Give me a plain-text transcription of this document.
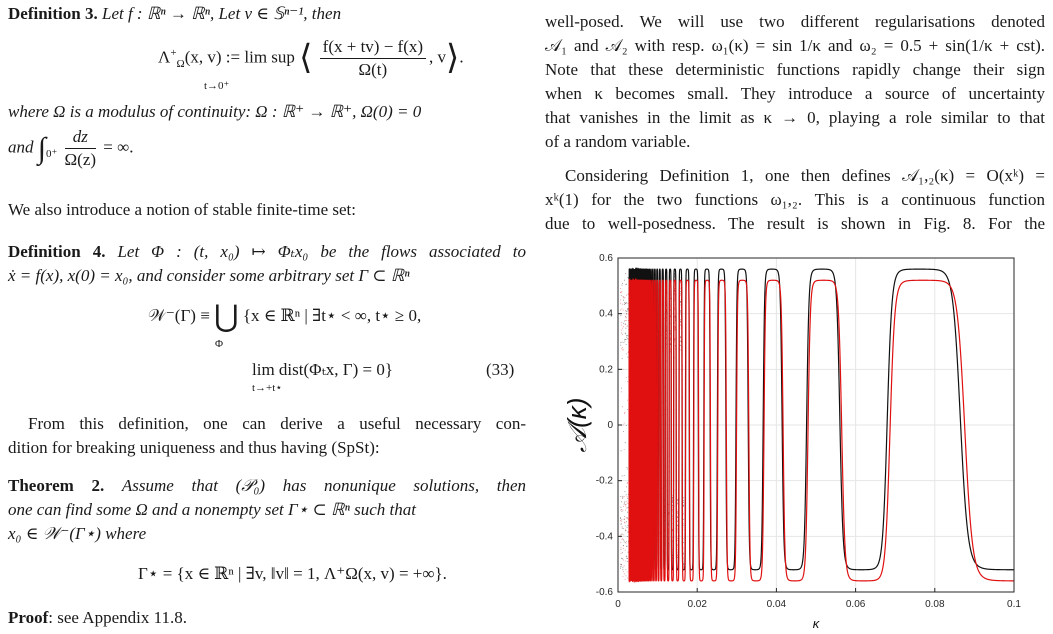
Definition 3. Let f : ℝⁿ → ℝⁿ, Let v ∈ 𝕊ⁿ⁻¹, then
$\Lambda^+_\Omega(x$, v) := lim sup ⟨ $\frac{f(x + tv) - f(x)}{\Omega(t)}$ , v⟩.
t→0⁺
where Ω is a modulus of continuity: Ω : ℝ⁺ → ℝ⁺, Ω(0) = 0
and $\int_{0^+} \frac{dz}{\Omega(z)}$ = ∞.
We also introduce a notion of stable finite-time set:

Definition 4. Let Φ : (t, x₀) ↦ Φₜx₀ be the flows associated to

ẋ = f(x), x(0) = x₀, and consider some arbitrary set Γ ⊂ ℝⁿ
𝒲⁻(Γ) ≡ ⋃ {x ∈ ℝⁿ | ∃t⋆ < ∞, t⋆ ≥ 0,
Φ
lim dist(Φₜx, Γ) = 0}
t→+t⋆
(33)

From this definition, one can derive a useful necessary con-

dition for breaking uniqueness and thus having (SpSt):

Theorem 2. Assume that (𝒫₀) has nonunique solutions, then

one can find some Ω and a nonempty set Γ⋆ ⊂ ℝⁿ such that
x₀ ∈ 𝒲⁻(Γ⋆) where
Γ⋆ = {x ∈ ℝⁿ | ∃v, ‖v‖ = 1, Λ⁺Ω(x, v) = +∞}.
Proof: see Appendix 11.8.

well-posed. We will use two different regularisations denoted

𝒜₁ and 𝒜₂ with resp. ω₁(κ) = sin 1/κ and ω₂ = 0.5 + sin(1/κ + cst).

Note that these deterministic functions rapidly change their sign

when κ becomes small. They introduce a source of uncertainty

that vanishes in the limit as κ → 0, playing a role similar to that

of a random variable.

Considering Definition 1, one then defines 𝒜₁,₂(κ) = O(xᵏ) =

xᵏ(1) for the two functions ω₁,₂. This is a continuous function

due to well-posedness. The result is shown in Fig. 8. For the

0	0.02	0.04	0.06	0.08	0.1
-0.6
-0.4
-0.2
0
0.2
0.4
0.6
𝒜(κ)
κ
